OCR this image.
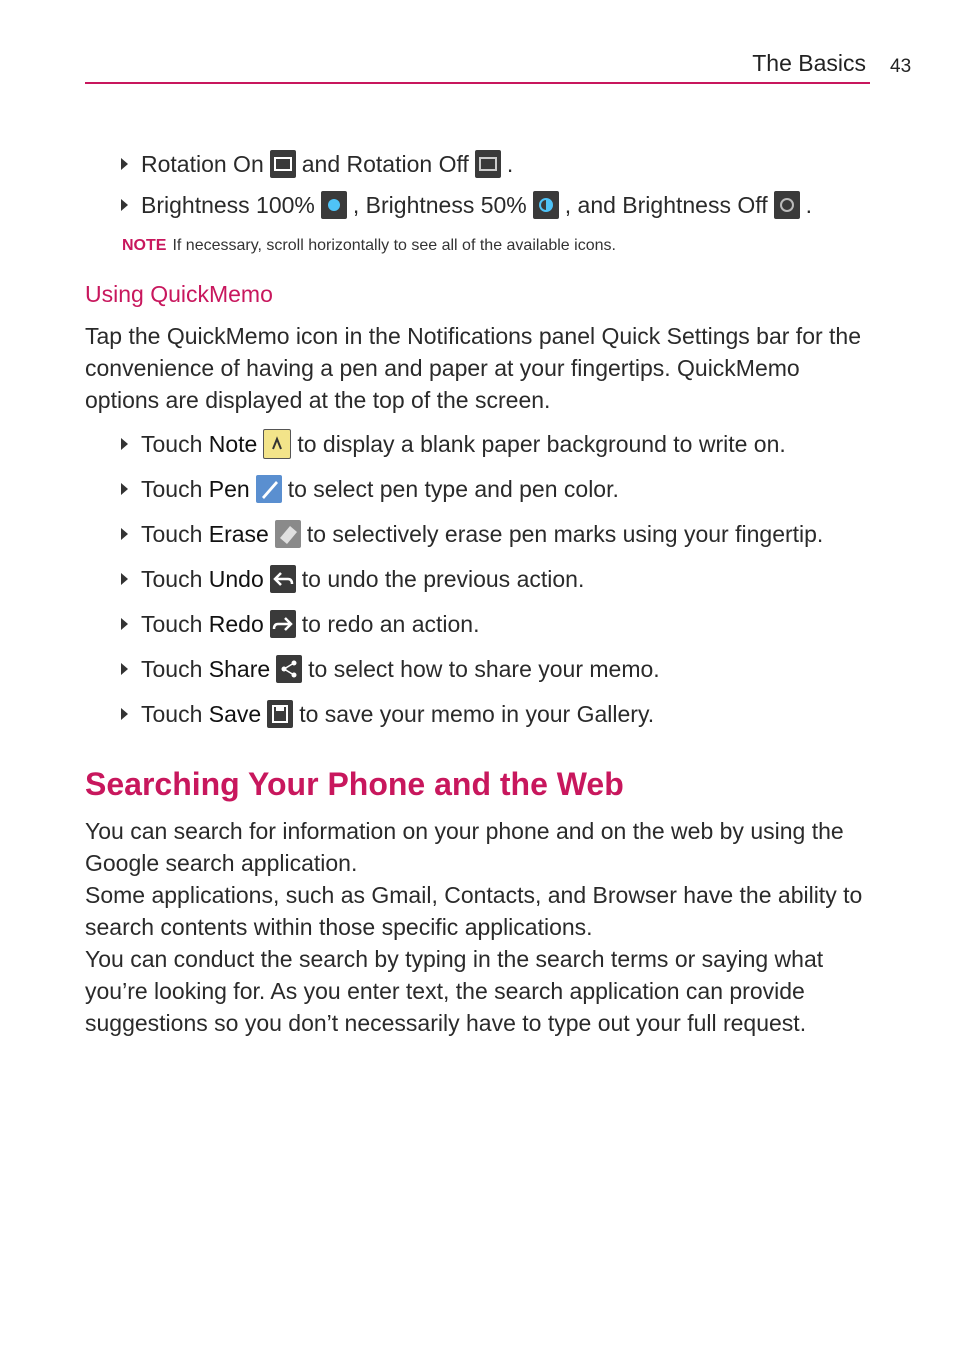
The Basics 43
Rotation On and Rotation Off .
Brightness 100% , Brightness 50% , and Brightness Off .
NOTE If necessary, scroll horizontally to see all of the available icons.
Using QuickMemo
Tap the QuickMemo icon in the Notifications panel Quick Settings bar for the convenience of having a pen and paper at your fingertips. QuickMemo options are displayed at the top of the screen.
Touch
Note to display a blank paper background to write on.
Touch
Pen to select pen type and pen color.
Touch
Erase to selectively erase pen marks using your fingertip.
Touch
Undo to undo the previous action.
Touch
Redo to redo an action.
Touch
Share to select how to share your memo.
Touch
Save to save your memo in your Gallery.
Searching Your Phone and the Web
You can search for information on your phone and on the web by using the Google search application.
Some applications, such as Gmail, Contacts, and Browser have the ability to search contents within those specific applications.
You can conduct the search by typing in the search terms or saying what you’re looking for. As you enter text, the search application can provide suggestions so you don’t necessarily have to type out your full request.
